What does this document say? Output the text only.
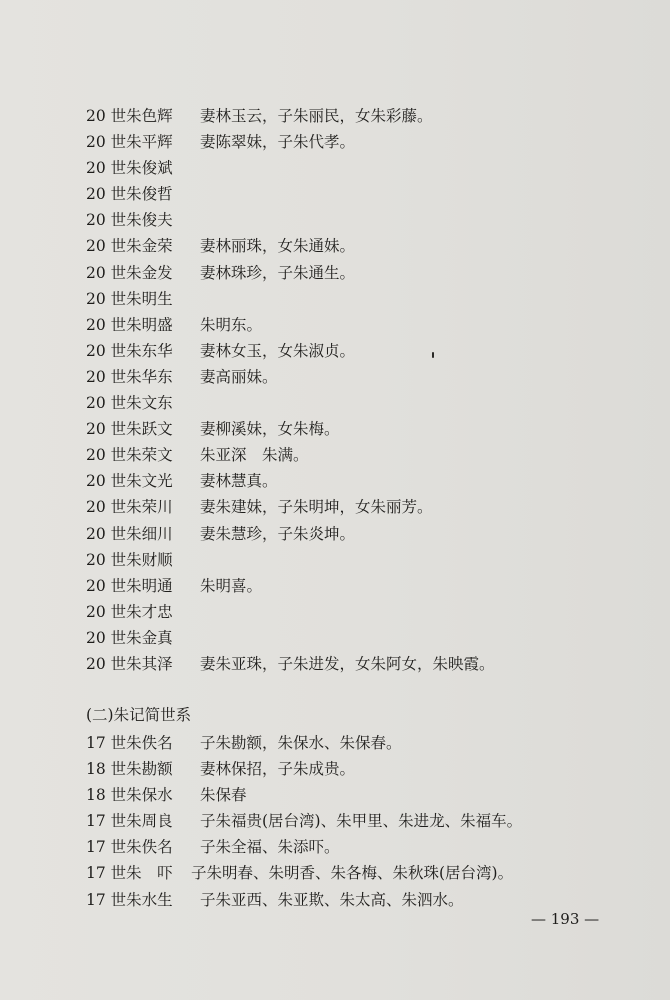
20 世朱色辉 妻林玉云，子朱丽民，女朱彩藤。
20 世朱平辉 妻陈翠妹，子朱代孝。
20 世朱俊斌
20 世朱俊哲
20 世朱俊夫
20 世朱金荣 妻林丽珠，女朱通妹。
20 世朱金发 妻林珠珍，子朱通生。
20 世朱明生
20 世朱明盛 朱明东。
20 世朱东华 妻林女玉，女朱淑贞。
20 世朱华东 妻高丽妹。
20 世朱文东
20 世朱跃文 妻柳溪妹，女朱梅。
20 世朱荣文 朱亚深　朱满。
20 世朱文光 妻林慧真。
20 世朱荣川 妻朱建妹，子朱明坤，女朱丽芳。
20 世朱细川 妻朱慧珍，子朱炎坤。
20 世朱财顺
20 世朱明通 朱明喜。
20 世朱才忠
20 世朱金真
20 世朱其泽 妻朱亚珠，子朱进发，女朱阿女，朱映霞。
(二)朱记简世系
17 世朱佚名 子朱勘额，朱保水、朱保春。
18 世朱勘额 妻林保招，子朱成贵。
18 世朱保水 朱保春
17 世朱周良 子朱福贵(居台湾)、朱甲里、朱进龙、朱福车。
17 世朱佚名 子朱全福、朱添吓。
17 世朱　吓 子朱明春、朱明香、朱各梅、朱秋珠(居台湾)。
17 世朱水生 子朱亚西、朱亚欺、朱太高、朱泗水。
— 193 —
